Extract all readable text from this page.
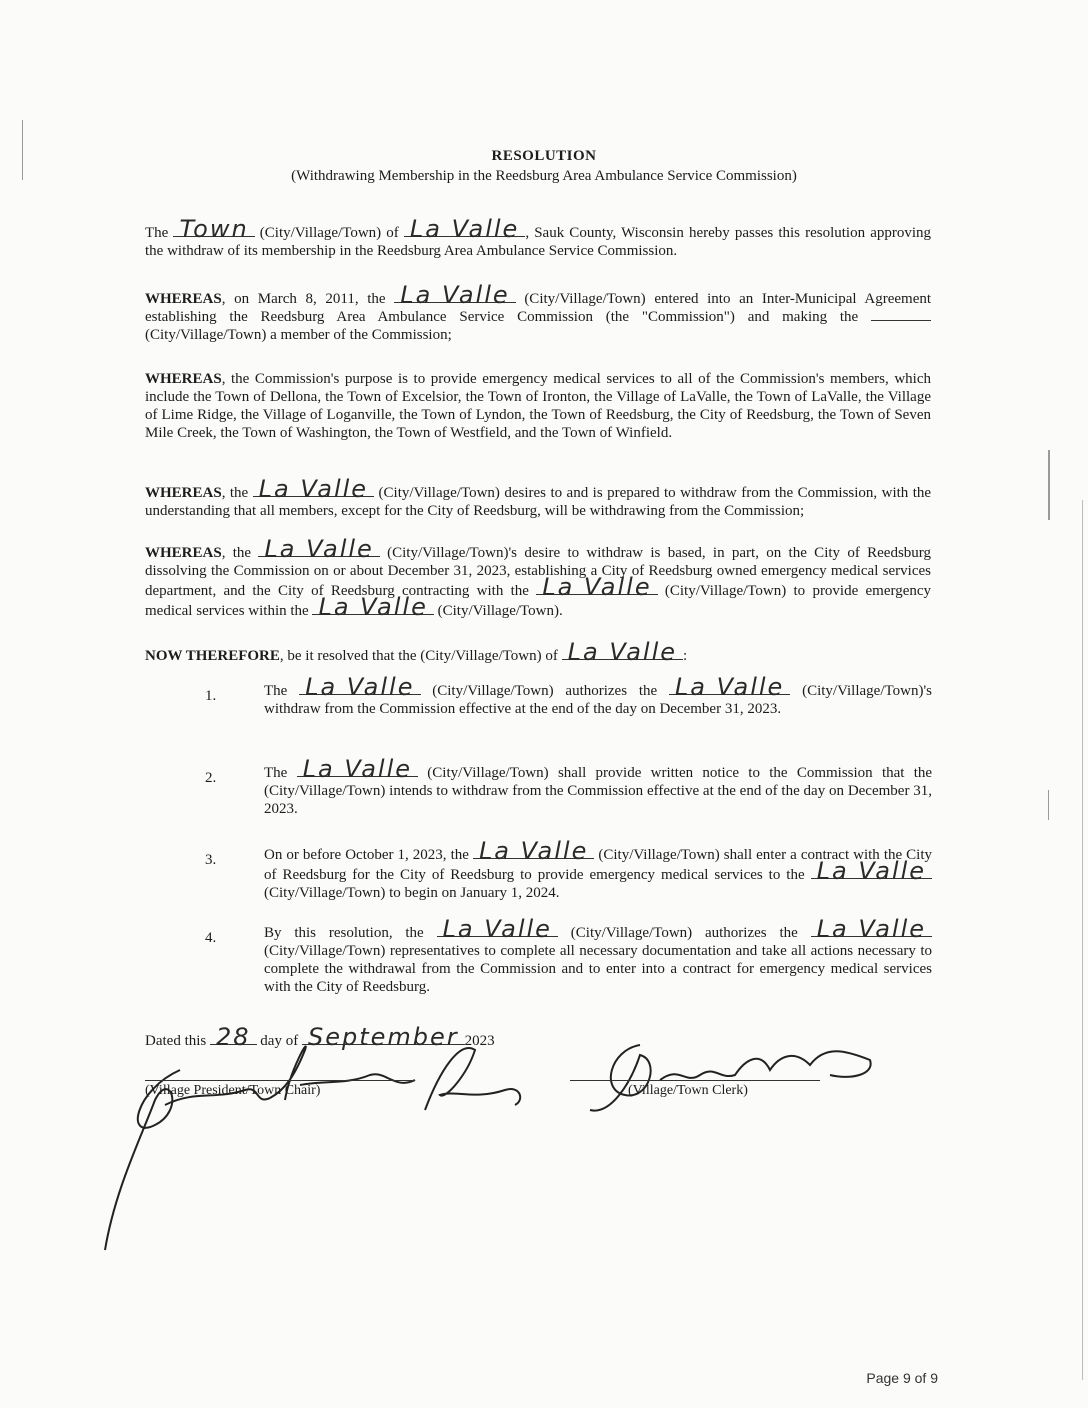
RESOLUTION
(Withdrawing Membership in the Reedsburg Area Ambulance Service Commission)
The Town (City/Village/Town) of La Valle , Sauk County, Wisconsin hereby passes this resolution approving the withdraw of its membership in the Reedsburg Area Ambulance Service Commission.
WHEREAS, on March 8, 2011, the La Valle (City/Village/Town) entered into an Inter-Municipal Agreement establishing the Reedsburg Area Ambulance Service Commission (the "Commission") and making the (City/Village/Town) a member of the Commission;
WHEREAS, the Commission's purpose is to provide emergency medical services to all of the Commission's members, which include the Town of Dellona, the Town of Excelsior, the Town of Ironton, the Village of LaValle, the Town of LaValle, the Village of Lime Ridge, the Village of Loganville, the Town of Lyndon, the Town of Reedsburg, the City of Reedsburg, the Town of Seven Mile Creek, the Town of Washington, the Town of Westfield, and the Town of Winfield.
WHEREAS, the La Valle (City/Village/Town) desires to and is prepared to withdraw from the Commission, with the understanding that all members, except for the City of Reedsburg, will be withdrawing from the Commission;
WHEREAS, the La Valle (City/Village/Town)'s desire to withdraw is based, in part, on the City of Reedsburg dissolving the Commission on or about December 31, 2023, establishing a City of Reedsburg owned emergency medical services department, and the City of Reedsburg contracting with the La Valle (City/Village/Town) to provide emergency medical services within the La Valle (City/Village/Town).
NOW THEREFORE, be it resolved that the (City/Village/Town) of La Valle :
1.	The La Valle (City/Village/Town) authorizes the La Valle (City/Village/Town)'s withdraw from the Commission effective at the end of the day on December 31, 2023.
2.	The La Valle (City/Village/Town) shall provide written notice to the Commission that the (City/Village/Town) intends to withdraw from the Commission effective at the end of the day on December 31, 2023.
3.	On or before October 1, 2023, the La Valle (City/Village/Town) shall enter a contract with the City of Reedsburg for the City of Reedsburg to provide emergency medical services to the La Valle (City/Village/Town) to begin on January 1, 2024.
4.	By this resolution, the La Valle (City/Village/Town) authorizes the La Valle (City/Village/Town) representatives to complete all necessary documentation and take all actions necessary to complete the withdrawal from the Commission and to enter into a contract for emergency medical services with the City of Reedsburg.
Dated this 28 day of September 2023
(Village President/Town Chair)	(Village/Town Clerk)
Page 9 of 9
